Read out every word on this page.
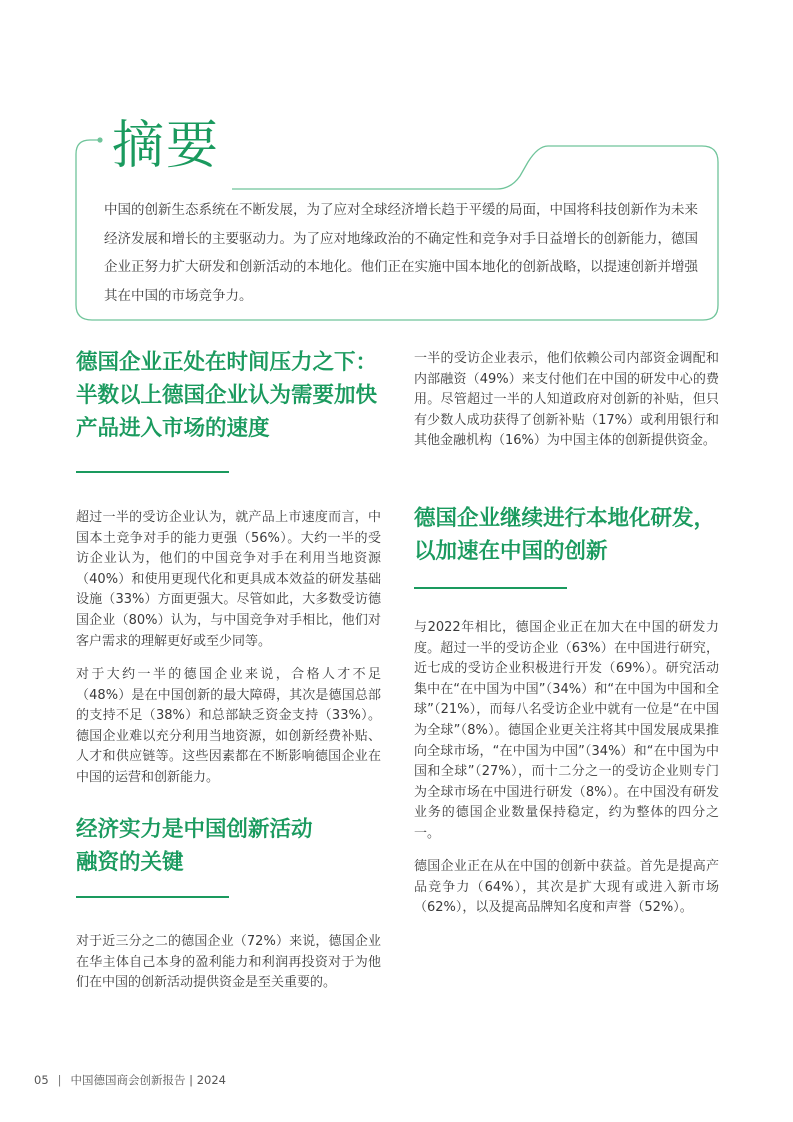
摘要

中国的创新生态系统在不断发展，为了应对全球经济增长趋于平缓的局面，中国将科技创新作为未来经济发展和增长的主要驱动力。为了应对地缘政治的不确定性和竞争对手日益增长的创新能力，德国企业正努力扩大研发和创新活动的本地化。他们正在实施中国本地化的创新战略，以提速创新并增强其在中国的市场竞争力。

德国企业正处在时间压力之下：
半数以上德国企业认为需要加快
产品进入市场的速度

超过一半的受访企业认为，就产品上市速度而言，中国本土竞争对手的能力更强（56%）。大约一半的受访企业认为，他们的中国竞争对手在利用当地资源（40%）和使用更现代化和更具成本效益的研发基础设施（33%）方面更强大。尽管如此，大多数受访德国企业（80%）认为，与中国竞争对手相比，他们对客户需求的理解更好或至少同等。

对于大约一半的德国企业来说，合格人才不足（48%）是在中国创新的最大障碍，其次是德国总部的支持不足（38%）和总部缺乏资金支持（33%）。德国企业难以充分利用当地资源，如创新经费补贴、人才和供应链等。这些因素都在不断影响德国企业在中国的运营和创新能力。

经济实力是中国创新活动
融资的关键

对于近三分之二的德国企业（72%）来说，德国企业在华主体自己本身的盈利能力和利润再投资对于为他们在中国的创新活动提供资金是至关重要的。

一半的受访企业表示，他们依赖公司内部资金调配和内部融资（49%）来支付他们在中国的研发中心的费用。尽管超过一半的人知道政府对创新的补贴，但只有少数人成功获得了创新补贴（17%）或利用银行和其他金融机构（16%）为中国主体的创新提供资金。

德国企业继续进行本地化研发，
以加速在中国的创新

与2022年相比，德国企业正在加大在中国的研发力度。超过一半的受访企业（63%）在中国进行研究，近七成的受访企业积极进行开发（69%）。研究活动集中在“在中国为中国”（34%）和“在中国为中国和全球”（21%），而每八名受访企业中就有一位是“在中国为全球”（8%）。德国企业更关注将其中国发展成果推向全球市场，“在中国为中国”（34%）和“在中国为中国和全球”（27%），而十二分之一的受访企业则专门为全球市场在中国进行研发（8%）。在中国没有研发业务的德国企业数量保持稳定，约为整体的四分之一。

德国企业正在从在中国的创新中获益。首先是提高产品竞争力（64%），其次是扩大现有或进入新市场（62%），以及提高品牌知名度和声誉（52%）。

05 | 中国德国商会创新报告 | 2024
